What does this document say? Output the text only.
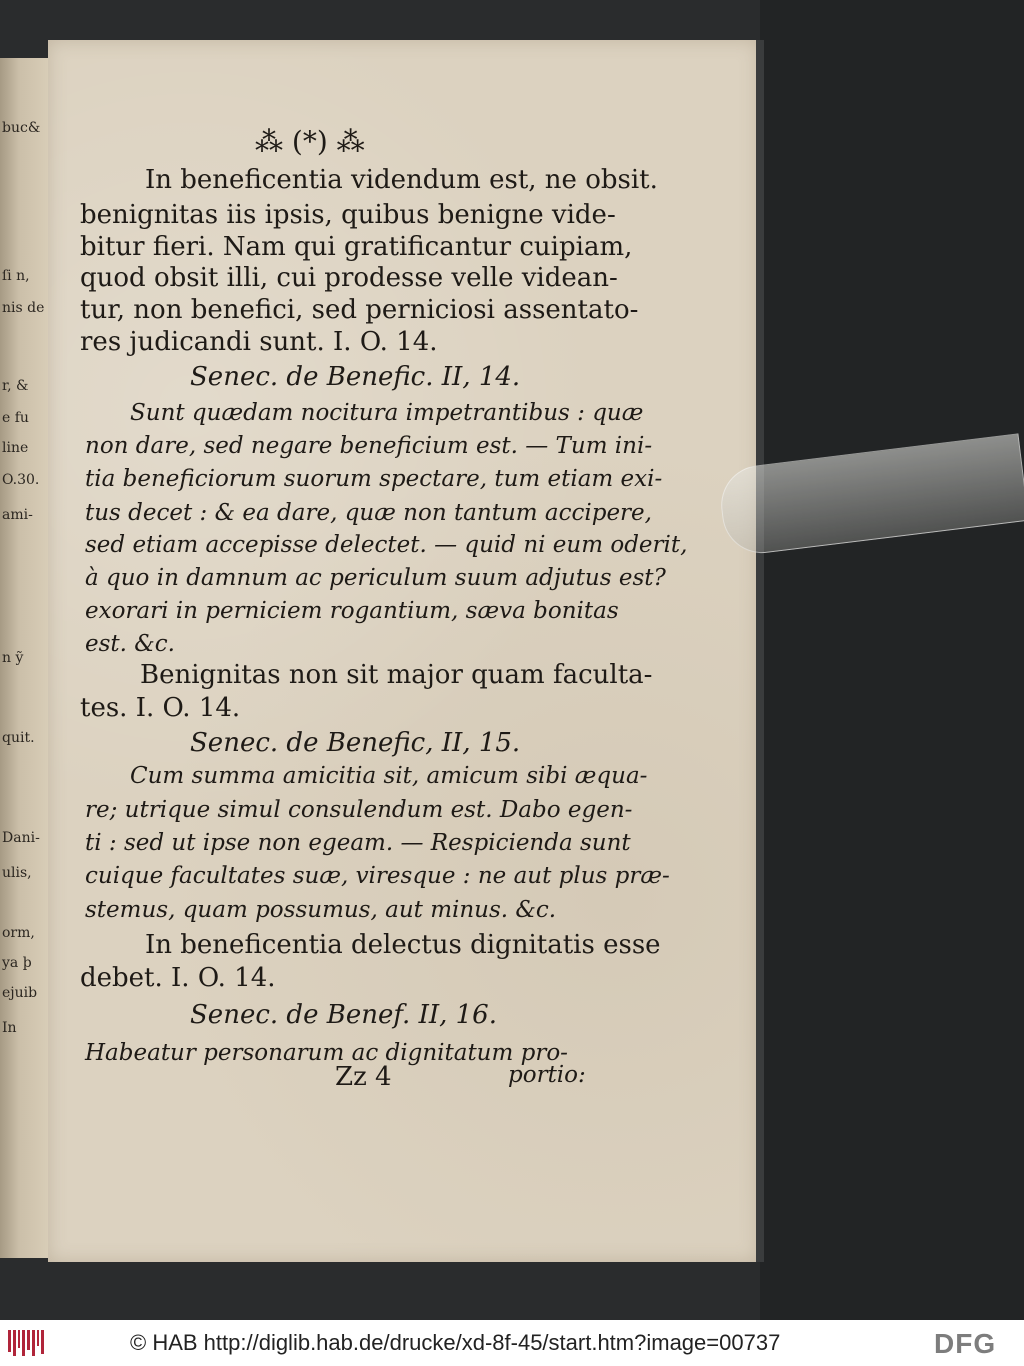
buc&
ſi n,
nis de
r, &
e fu
line
O.30.
ami-
n ỹ
quit.
Dani-
ulis,
orm,
ya þ
ejuib
In
⁂ (*) ⁂
In beneficentia videndum est, ne obsit.
benignitas iis ipsis, quibus benigne vide-
bitur fieri. Nam qui gratificantur cuipiam,
quod obsit illi, cui prodesse velle videan-
tur, non benefici, sed perniciosi assentato-
res judicandi sunt. I. O. 14.
Senec. de Benefic. II, 14.
Sunt quædam nocitura impetrantibus : quæ
non dare, sed negare beneficium est. — Tum ini-
tia beneficiorum suorum spectare, tum etiam exi-
tus decet : & ea dare, quæ non tantum accipere,
sed etiam accepisse delectet. — quid ni eum oderit,
à quo in damnum ac periculum suum adjutus est?
exorari in perniciem rogantium, sæva bonitas
est. &c.
Benignitas non sit major quam faculta-
tes. I. O. 14.
Senec. de Benefic, II, 15.
Cum summa amicitia sit, amicum sibi æqua-
re; utrique simul consulendum est. Dabo egen-
ti : sed ut ipse non egeam. — Respicienda sunt
cuique facultates suæ, viresque : ne aut plus præ-
stemus, quam possumus, aut minus. &c.
In beneficentia delectus dignitatis esse
debet. I. O. 14.
Senec. de Benef. II, 16.
Habeatur personarum ac dignitatum pro-
Zz 4	portio:
© HAB http://diglib.hab.de/drucke/xd-8f-45/start.htm?image=00737	DFG
